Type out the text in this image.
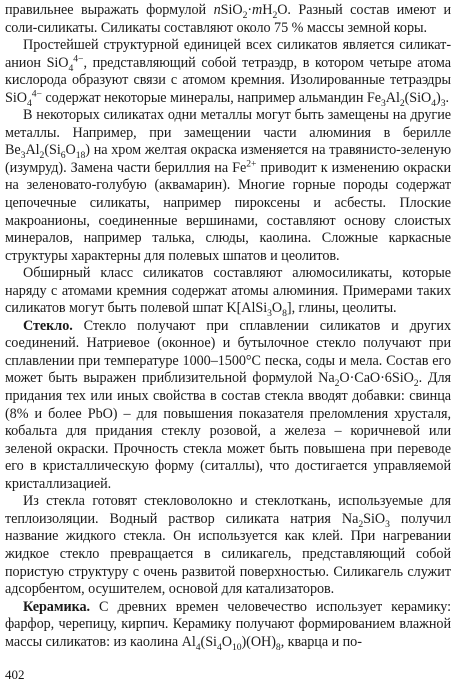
правильнее выражать формулой $nSiO_2\cdot mH_2O$. Разный состав имеют и соли-силикаты. Силикаты составляют около 75 % массы земной коры.

Простейшей структурной единицей всех силикатов является силикат-анион SiO$_4^{4-}$, представляющий собой тетраэдр, в котором четыре атома кислорода образуют связи с атомом кремния. Изолированные тетраэдры SiO$_4^{4-}$ содержат некоторые минералы, например альмандин $Fe_3Al_2(SiO_4)_3$.

В некоторых силикатах одни металлы могут быть замещены на другие металлы. Например, при замещении части алюминия в берилле $Be_3Al_2(Si_6O_{18})$ на хром желтая окраска изменяется на травянисто-зеленую (изумруд). Замена части бериллия на $Fe^{2+}$ приводит к изменению окраски на зеленовато-голубую (аквамарин). Многие горные породы содержат цепочечные силикаты, например пироксены и асбесты. Плоские макроанионы, соединенные вершинами, составляют основу слоистых минералов, например талька, слюды, каолина. Сложные каркасные структуры характерны для полевых шпатов и цеолитов.

Обширный класс силикатов составляют алюмосиликаты, которые наряду с атомами кремния содержат атомы алюминия. Примерами таких силикатов могут быть полевой шпат $K[AlSi_3O_8]$, глины, цеолиты.

Стекло. Стекло получают при сплавлении силикатов и других соединений. Натриевое (оконное) и бутылочное стекло получают при сплавлении при температуре 1000–1500°С песка, соды и мела. Состав его может быть выражен приблизительной формулой $Na_2O\cdot CaO\cdot 6SiO_2$. Для придания тех или иных свойства в состав стекла вводят добавки: свинца (8% и более PbO) – для повышения показателя преломления хрусталя, кобальта для придания стеклу розовой, а железа – коричневой или зеленой окраски. Прочность стекла может быть повышена при переводе его в кристаллическую форму (ситаллы), что достигается управляемой кристаллизацией.

Из стекла готовят стекловолокно и стеклоткань, используемые для теплоизоляции. Водный раствор силиката натрия $Na_2SiO_3$ получил название жидкого стекла. Он используется как клей. При нагревании жидкое стекло превращается в силикагель, представляющий собой пористую структуру с очень развитой поверхностью. Силикагель служит адсорбентом, осушителем, основой для катализаторов.

Керамика. С древних времен человечество использует керамику: фарфор, черепицу, кирпич. Керамику получают формированием влажной массы силикатов: из каолина $Al_4(Si_4O_{10})(OH)_8$, кварца и по-

402
